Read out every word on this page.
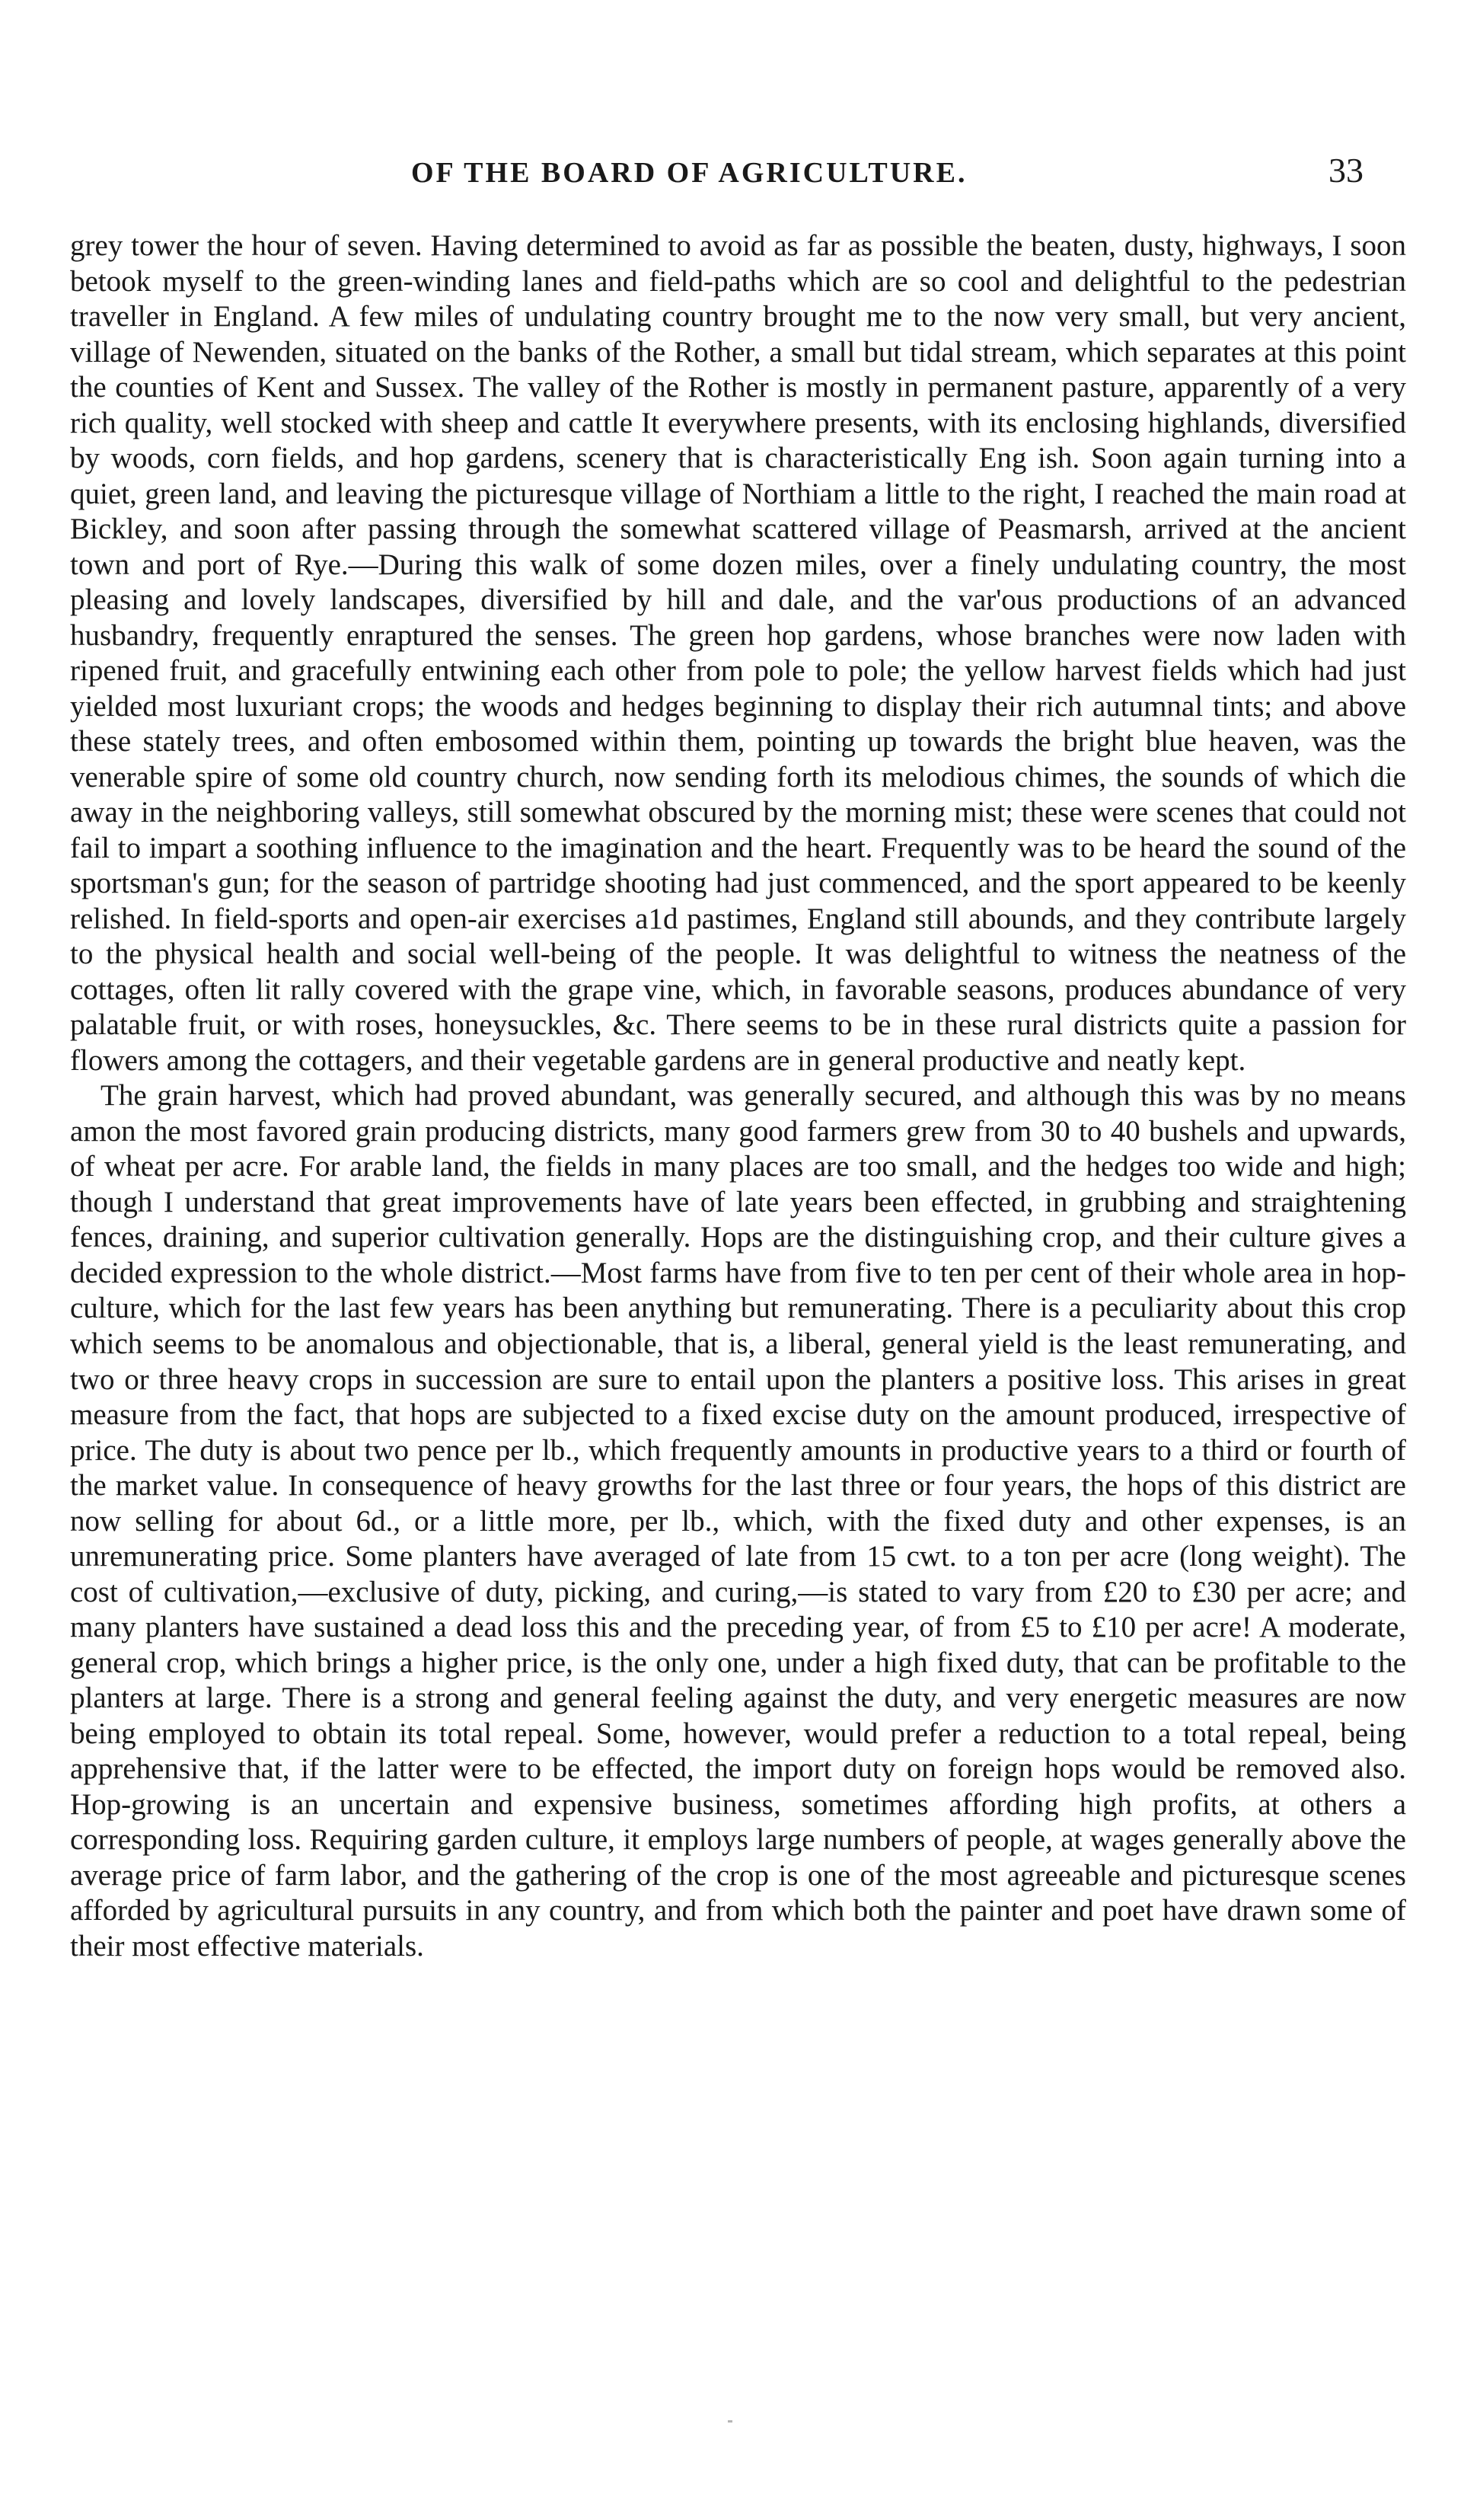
OF THE BOARD OF AGRICULTURE.	33

grey tower the hour of seven. Having determined to avoid as far as possible the beaten, dusty, highways, I soon betook myself to the green-winding lanes and field-paths which are so cool and delightful to the pedestrian traveller in England. A few miles of undulating country brought me to the now very small, but very ancient, village of Newenden, situated on the banks of the Rother, a small but tidal stream, which separates at this point the counties of Kent and Sussex. The valley of the Rother is mostly in permanent pasture, apparently of a very rich quality, well stocked with sheep and cattle It everywhere presents, with its enclosing highlands, diversified by woods, corn fields, and hop gardens, scenery that is characteristically Eng ish. Soon again turning into a quiet, green land, and leaving the picturesque village of Northiam a little to the right, I reached the main road at Bickley, and soon after passing through the somewhat scattered village of Peasmarsh, arrived at the ancient town and port of Rye.—During this walk of some dozen miles, over a finely undulating country, the most pleasing and lovely landscapes, diversified by hill and dale, and the var'ous productions of an advanced husbandry, frequently enraptured the senses. The green hop gardens, whose branches were now laden with ripened fruit, and gracefully entwining each other from pole to pole; the yellow harvest fields which had just yielded most luxuriant crops; the woods and hedges beginning to display their rich autumnal tints; and above these stately trees, and often embosomed within them, pointing up towards the bright blue heaven, was the venerable spire of some old country church, now sending forth its melodious chimes, the sounds of which die away in the neighboring valleys, still somewhat obscured by the morning mist; these were scenes that could not fail to impart a soothing influence to the imagination and the heart. Frequently was to be heard the sound of the sportsman's gun; for the season of partridge shooting had just commenced, and the sport appeared to be keenly relished. In field-sports and open-air exercises a1d pastimes, England still abounds, and they contribute largely to the physical health and social well-being of the people. It was delightful to witness the neatness of the cottages, often lit rally covered with the grape vine, which, in favorable seasons, produces abundance of very palatable fruit, or with roses, honeysuckles, &c. There seems to be in these rural districts quite a passion for flowers among the cottagers, and their vegetable gardens are in general productive and neatly kept.

The grain harvest, which had proved abundant, was generally secured, and although this was by no means amon the most favored grain producing districts, many good farmers grew from 30 to 40 bushels and upwards, of wheat per acre. For arable land, the fields in many places are too small, and the hedges too wide and high; though I understand that great improvements have of late years been effected, in grubbing and straightening fences, draining, and superior cultivation generally. Hops are the distinguishing crop, and their culture gives a decided expression to the whole district.—Most farms have from five to ten per cent of their whole area in hop-culture, which for the last few years has been anything but remunerating. There is a peculiarity about this crop which seems to be anomalous and objectionable, that is, a liberal, general yield is the least remunerating, and two or three heavy crops in succession are sure to entail upon the planters a positive loss. This arises in great measure from the fact, that hops are subjected to a fixed excise duty on the amount produced, irrespective of price. The duty is about two pence per lb., which frequently amounts in productive years to a third or fourth of the market value. In consequence of heavy growths for the last three or four years, the hops of this district are now selling for about 6d., or a little more, per lb., which, with the fixed duty and other expenses, is an unremunerating price. Some planters have averaged of late from 15 cwt. to a ton per acre (long weight). The cost of cultivation,—exclusive of duty, picking, and curing,—is stated to vary from £20 to £30 per acre; and many planters have sustained a dead loss this and the preceding year, of from £5 to £10 per acre! A moderate, general crop, which brings a higher price, is the only one, under a high fixed duty, that can be profitable to the planters at large. There is a strong and general feeling against the duty, and very energetic measures are now being employed to obtain its total repeal. Some, however, would prefer a reduction to a total repeal, being apprehensive that, if the latter were to be effected, the import duty on foreign hops would be removed also. Hop-growing is an uncertain and expensive business, sometimes affording high profits, at others a corresponding loss. Requiring garden culture, it employs large numbers of people, at wages generally above the average price of farm labor, and the gathering of the crop is one of the most agreeable and picturesque scenes afforded by agricultural pursuits in any country, and from which both the painter and poet have drawn some of their most effective materials.
